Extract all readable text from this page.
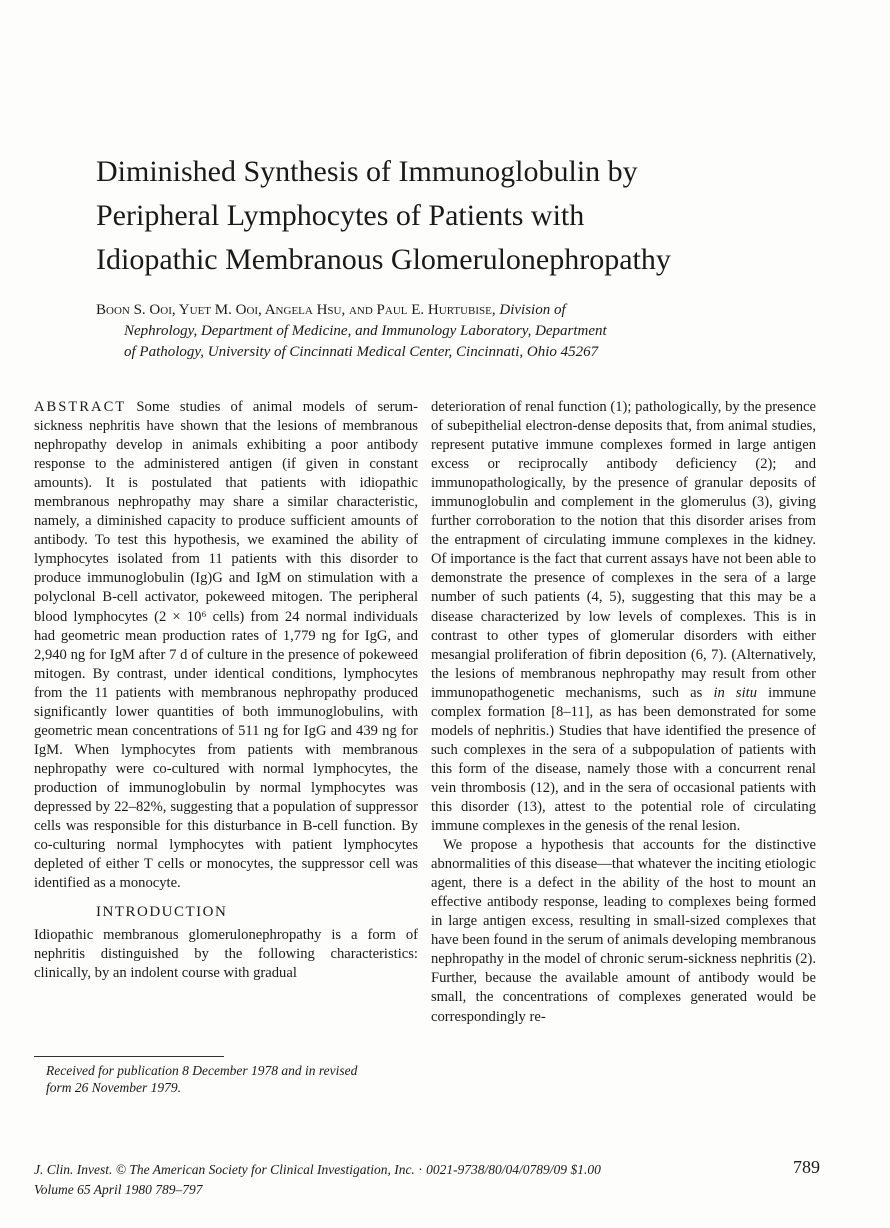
Diminished Synthesis of Immunoglobulin by
Peripheral Lymphocytes of Patients with
Idiopathic Membranous Glomerulonephropathy
Boon S. Ooi, Yuet M. Ooi, Angela Hsu, and Paul E. Hurtubise, Division of
Nephrology, Department of Medicine, and Immunology Laboratory, Department
of Pathology, University of Cincinnati Medical Center, Cincinnati, Ohio 45267

ABSTRACT Some studies of animal models of serum-sickness nephritis have shown that the lesions of membranous nephropathy develop in animals exhibiting a poor antibody response to the administered antigen (if given in constant amounts). It is postulated that patients with idiopathic membranous nephropathy may share a similar characteristic, namely, a diminished capacity to produce sufficient amounts of antibody. To test this hypothesis, we examined the ability of lymphocytes isolated from 11 patients with this disorder to produce immunoglobulin (Ig)G and IgM on stimulation with a polyclonal B-cell activator, pokeweed mitogen. The peripheral blood lymphocytes (2 × 10⁶ cells) from 24 normal individuals had geometric mean production rates of 1,779 ng for IgG, and 2,940 ng for IgM after 7 d of culture in the presence of pokeweed mitogen. By contrast, under identical conditions, lymphocytes from the 11 patients with membranous nephropathy produced significantly lower quantities of both immunoglobulins, with geometric mean concentrations of 511 ng for IgG and 439 ng for IgM. When lymphocytes from patients with membranous nephropathy were co-cultured with normal lymphocytes, the production of immunoglobulin by normal lymphocytes was depressed by 22–82%, suggesting that a population of suppressor cells was responsible for this disturbance in B-cell function. By co-culturing normal lymphocytes with patient lymphocytes depleted of either T cells or monocytes, the suppressor cell was identified as a monocyte.

INTRODUCTION

Idiopathic membranous glomerulonephropathy is a form of nephritis distinguished by the following characteristics: clinically, by an indolent course with gradual

deterioration of renal function (1); pathologically, by the presence of subepithelial electron-dense deposits that, from animal studies, represent putative immune complexes formed in large antigen excess or reciprocally antibody deficiency (2); and immunopathologically, by the presence of granular deposits of immunoglobulin and complement in the glomerulus (3), giving further corroboration to the notion that this disorder arises from the entrapment of circulating immune complexes in the kidney. Of importance is the fact that current assays have not been able to demonstrate the presence of complexes in the sera of a large number of such patients (4, 5), suggesting that this may be a disease characterized by low levels of complexes. This is in contrast to other types of glomerular disorders with either mesangial proliferation of fibrin deposition (6, 7). (Alternatively, the lesions of membranous nephropathy may result from other immunopathogenetic mechanisms, such as in situ immune complex formation [8–11], as has been demonstrated for some models of nephritis.) Studies that have identified the presence of such complexes in the sera of a subpopulation of patients with this form of the disease, namely those with a concurrent renal vein thrombosis (12), and in the sera of occasional patients with this disorder (13), attest to the potential role of circulating immune complexes in the genesis of the renal lesion.

We propose a hypothesis that accounts for the distinctive abnormalities of this disease—that whatever the inciting etiologic agent, there is a defect in the ability of the host to mount an effective antibody response, leading to complexes being formed in large antigen excess, resulting in small-sized complexes that have been found in the serum of animals developing membranous nephropathy in the model of chronic serum-sickness nephritis (2). Further, because the available amount of antibody would be small, the concentrations of complexes generated would be correspondingly re-

Received for publication 8 December 1978 and in revised
form 26 November 1979.
J. Clin. Invest. © The American Society for Clinical Investigation, Inc. · 0021-9738/80/04/0789/09 $1.00
Volume 65 April 1980 789–797
789
